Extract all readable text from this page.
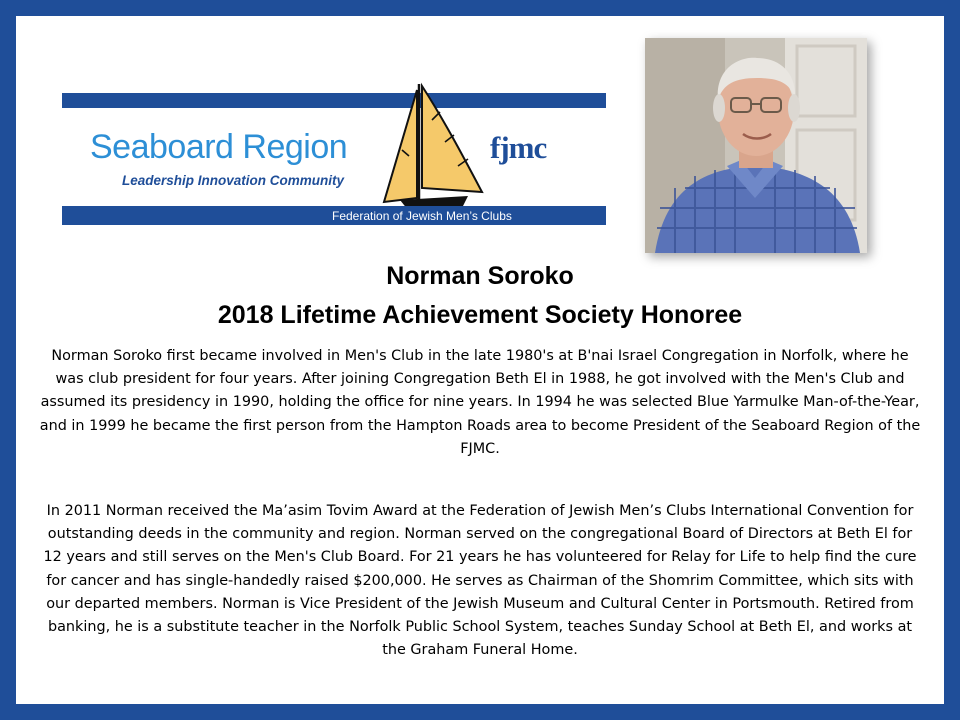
Seaboard Region
Leadership Innovation Community
fjmc
Federation of Jewish Men’s Clubs
Norman Soroko
2018 Lifetime Achievement Society Honoree

Norman Soroko first became involved in Men's Club in the late 1980's at B'nai Israel Congregation in Norfolk, where he was club president for four years. After joining Congregation Beth El in 1988, he got involved with the Men's Club and assumed its presidency in 1990, holding the office for nine years. In 1994 he was selected Blue Yarmulke Man-of-the-Year, and in 1999 he became the first person from the Hampton Roads area to become President of the Seaboard Region of the FJMC.

In 2011 Norman received the Ma’asim Tovim Award at the Federation of Jewish Men’s Clubs International Convention for outstanding deeds in the community and region. Norman served on the congregational Board of Directors at Beth El for 12 years and still serves on the Men's Club Board. For 21 years he has volunteered for Relay for Life to help find the cure for cancer and has single-handedly raised $200,000. He serves as Chairman of the Shomrim Committee, which sits with our departed members. Norman is Vice President of the Jewish Museum and Cultural Center in Portsmouth. Retired from banking, he is a substitute teacher in the Norfolk Public School System, teaches Sunday School at Beth El, and works at the Graham Funeral Home.
